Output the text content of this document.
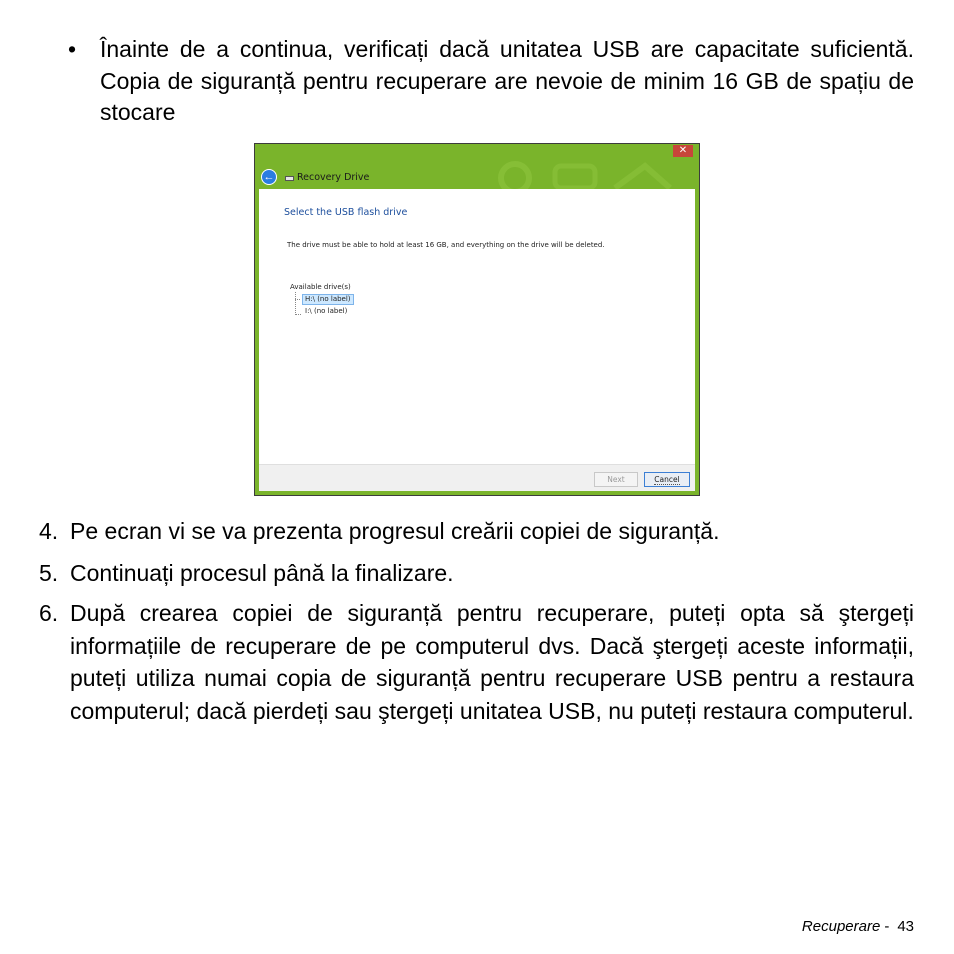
• Înainte de a continua, verificați dacă unitatea USB are capacitate suficientă. Copia de siguranță pentru recuperare are nevoie de minim 16 GB de spațiu de stocare
✕
← Recovery Drive
Select the USB flash drive
The drive must be able to hold at least 16 GB, and everything on the drive will be deleted.
Available drive(s)
H:\ (no label)
I:\ (no label)
Next	Cancel
4. Pe ecran vi se va prezenta progresul creării copiei de siguranță.
5. Continuați procesul până la finalizare.
6. După crearea copiei de siguranță pentru recuperare, puteți opta să ştergeți informațiile de recuperare de pe computerul dvs. Dacă ştergeți aceste informații, puteți utiliza numai copia de siguranță pentru recuperare USB pentru a restaura computerul; dacă pierdeți sau ştergeți unitatea USB, nu puteți restaura computerul.
Recuperare - 43
